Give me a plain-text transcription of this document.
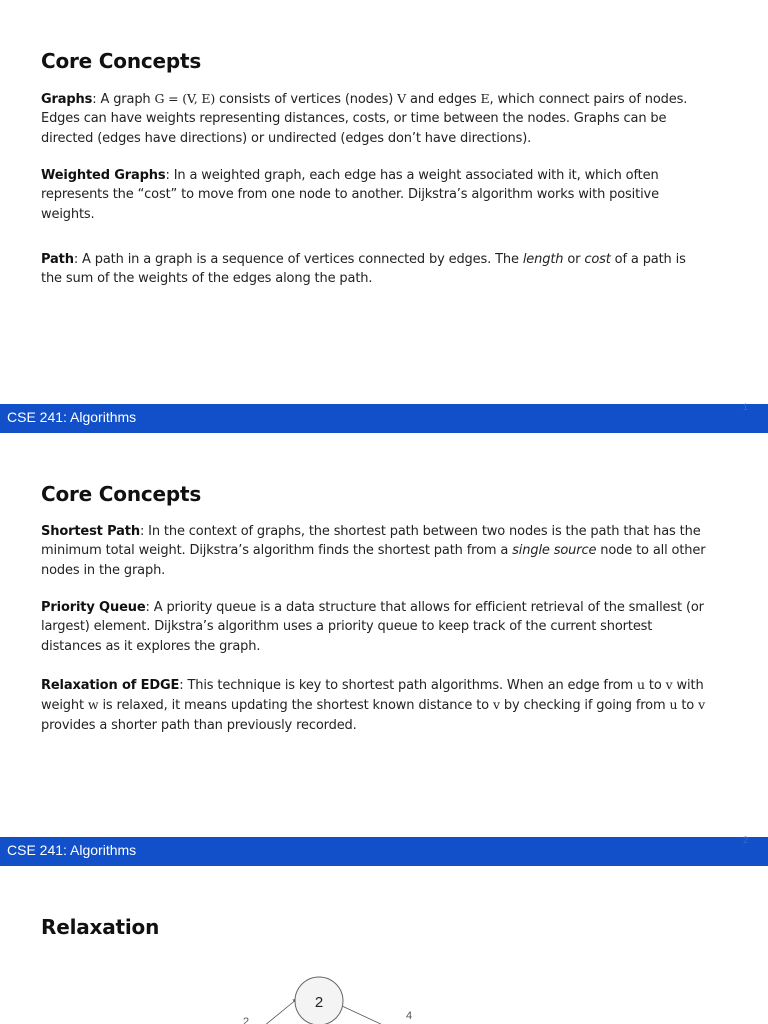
Core Concepts

Graphs: A graph G = (V, E) consists of vertices (nodes) V and edges E, which connect pairs of nodes. Edges can have weights representing distances, costs, or time between the nodes. Graphs can be directed (edges have directions) or undirected (edges don’t have directions).

Weighted Graphs: In a weighted graph, each edge has a weight associated with it, which often represents the “cost” to move from one node to another. Dijkstra’s algorithm works with positive weights.

Path: A path in a graph is a sequence of vertices connected by edges. The length or cost of a path is the sum of the weights of the edges along the path.

CSE 241: Algorithms
1
Core Concepts

Shortest Path: In the context of graphs, the shortest path between two nodes is the path that has the minimum total weight. Dijkstra’s algorithm finds the shortest path from a single source node to all other nodes in the graph.

Priority Queue: A priority queue is a data structure that allows for efficient retrieval of the smallest (or largest) element. Dijkstra’s algorithm uses a priority queue to keep track of the current shortest distances as it explores the graph.

Relaxation of EDGE: This technique is key to shortest path algorithms. When an edge from u to v with weight w is relaxed, it means updating the shortest known distance to v by checking if going from u to v provides a shorter path than previously recorded.

CSE 241: Algorithms
2
Relaxation
2
2	4
